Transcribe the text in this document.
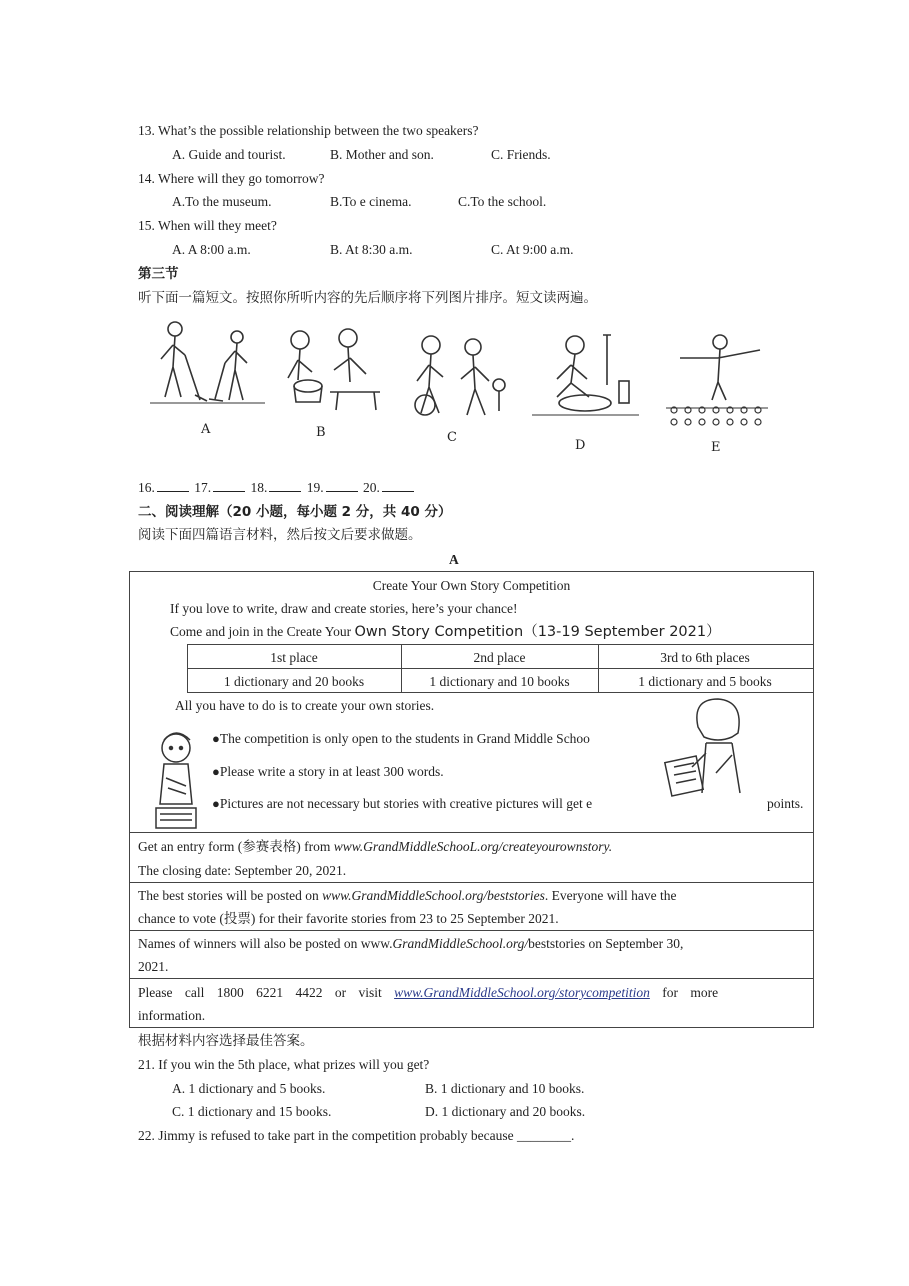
13. What’s the possible relationship between the two speakers?
A. Guide and tourist.	B. Mother and son.	C. Friends.
14. Where will they go tomorrow?
A.To the museum.	B.To e cinema.	C.To the school.
15. When will they meet?
A. A 8:00 a.m.	B. At 8:30 a.m.	C. At 9:00 a.m.
第三节
听下面一篇短文。按照你所听内容的先后顺序将下列图片排序。短文读两遍。
A	B	C
D	E
16.	17.	18.	19.	20.
二、阅读理解（20 小题，每小题 2 分，共 40 分）
阅读下面四篇语言材料，然后按文后要求做题。
A
Create Your Own Story Competition
If you love to write, draw and create stories, here’s your chance!
Come and join in the Create Your Own Story Competition（13-19 September 2021）
1st place	2nd place	3rd to 6th places
1 dictionary and 20 books	1 dictionary and 10 books	1 dictionary and 5 books
All you have to do is to create your own stories.
●The competition is only open to the students in Grand Middle Schoo
●Please write a story in at least 300 words.
●Pictures are not necessary but stories with creative pictures will get e	points.
Get an entry form (参赛表格) from www.GrandMiddleSchooL.org/createyourownstory.
The closing date: September 20, 2021.
The best stories will be posted on www.GrandMiddleSchool.org/beststories. Everyone will have the
chance to vote (投票) for their favorite stories from 23 to 25 September 2021.
Names of winners will also be posted on www.GrandMiddleSchool.org/beststories on September 30,
2021.
Please call 1800 6221 4422 or visit www.GrandMiddleSchool.org/storycompetition for more
information.
根据材料内容选择最佳答案。
21. If you win the 5th place, what prizes will you get?
A. 1 dictionary and 5 books.	B. 1 dictionary and 10 books.
C. 1 dictionary and 15 books.	D. 1 dictionary and 20 books.
22. Jimmy is refused to take part in the competition probably because ________.
